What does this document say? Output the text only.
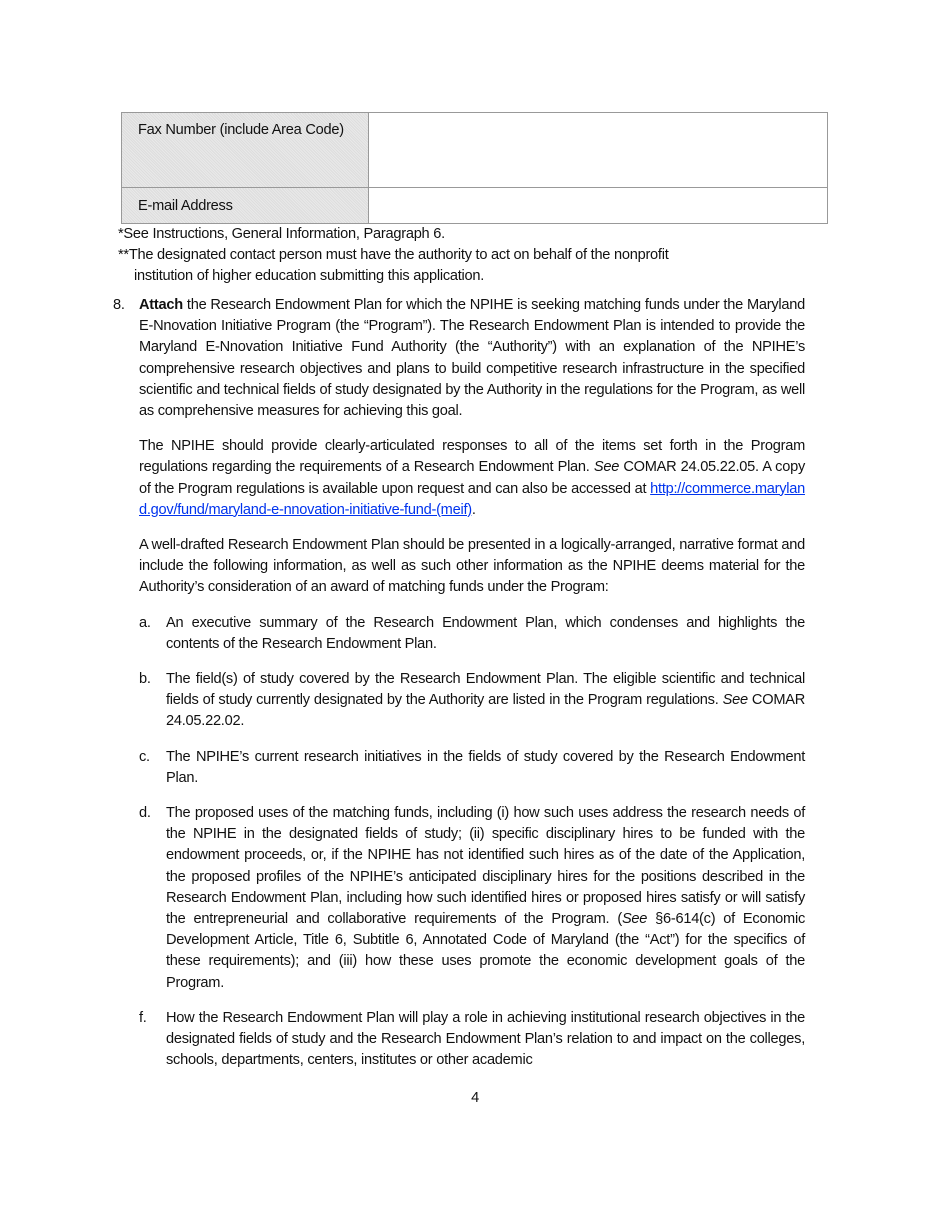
Fax Number (include Area Code)	
E-mail Address	
*See Instructions, General Information, Paragraph 6.
**The designated contact person must have the authority to act on behalf of the nonprofit
institution of higher education submitting this application.
8. Attach the Research Endowment Plan for which the NPIHE is seeking matching funds under the Maryland E-Nnovation Initiative Program (the “Program”). The Research Endowment Plan is intended to provide the Maryland E-Nnovation Initiative Fund Authority (the “Authority”) with an explanation of the NPIHE’s comprehensive research objectives and plans to build competitive research infrastructure in the specified scientific and technical fields of study designated by the Authority in the regulations for the Program, as well as comprehensive measures for achieving this goal.
The NPIHE should provide clearly-articulated responses to all of the items set forth in the Program regulations regarding the requirements of a Research Endowment Plan. See COMAR 24.05.22.05. A copy of the Program regulations is available upon request and can also be accessed at http://commerce.maryland.gov/fund/maryland-e-nnovation-initiative-fund-(meif).
A well-drafted Research Endowment Plan should be presented in a logically-arranged, narrative format and include the following information, as well as such other information as the NPIHE deems material for the Authority’s consideration of an award of matching funds under the Program:
a. An executive summary of the Research Endowment Plan, which condenses and highlights the contents of the Research Endowment Plan.
b. The field(s) of study covered by the Research Endowment Plan. The eligible scientific and technical fields of study currently designated by the Authority are listed in the Program regulations. See COMAR 24.05.22.02.
c. The NPIHE’s current research initiatives in the fields of study covered by the Research Endowment Plan.
d. The proposed uses of the matching funds, including (i) how such uses address the research needs of the NPIHE in the designated fields of study; (ii) specific disciplinary hires to be funded with the endowment proceeds, or, if the NPIHE has not identified such hires as of the date of the Application, the proposed profiles of the NPIHE’s anticipated disciplinary hires for the positions described in the Research Endowment Plan, including how such identified hires or proposed hires satisfy or will satisfy the entrepreneurial and collaborative requirements of the Program. (See §6-614(c) of Economic Development Article, Title 6, Subtitle 6, Annotated Code of Maryland (the “Act”) for the specifics of these requirements); and (iii) how these uses promote the economic development goals of the Program.
f. How the Research Endowment Plan will play a role in achieving institutional research objectives in the designated fields of study and the Research Endowment Plan’s relation to and impact on the colleges, schools, departments, centers, institutes or other academic
4
